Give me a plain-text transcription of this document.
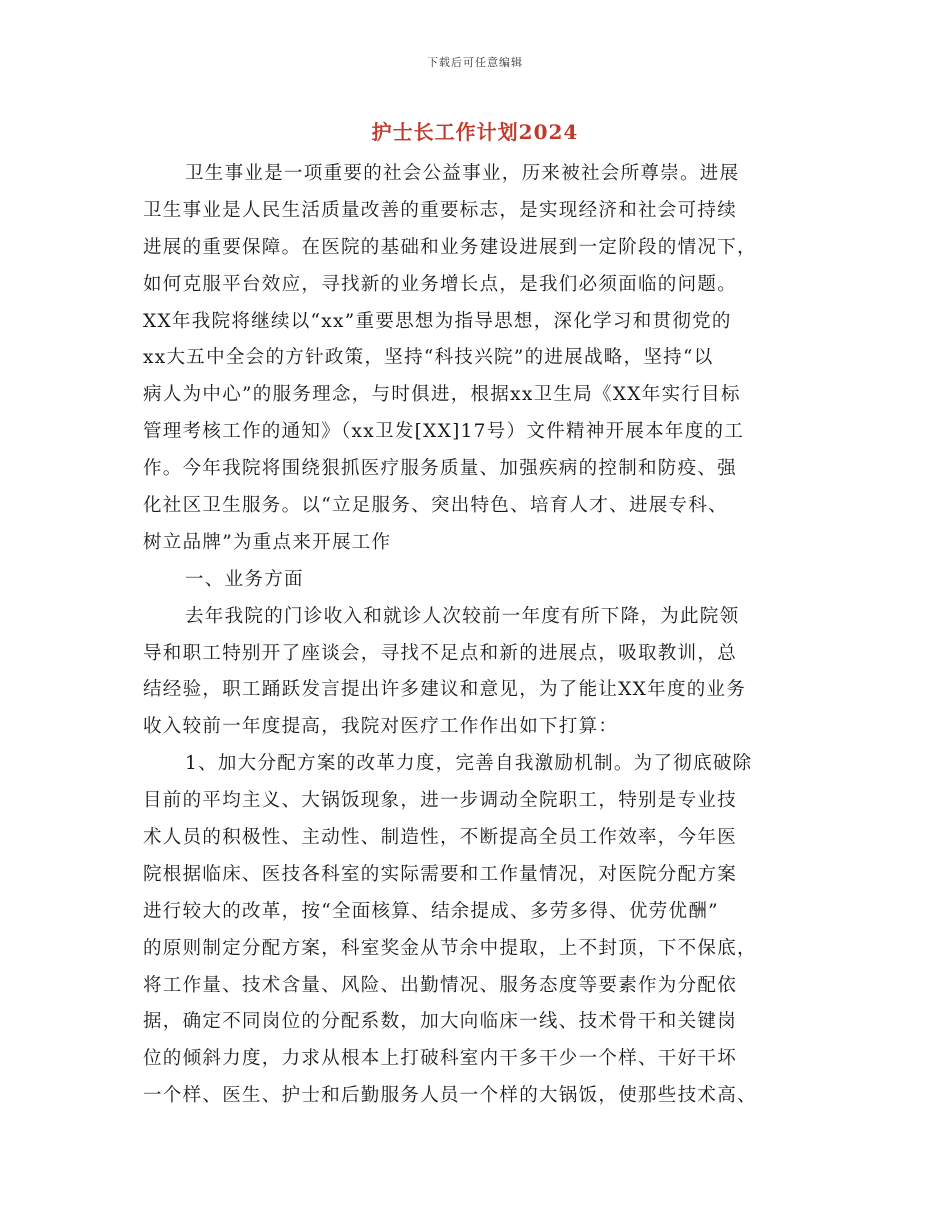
下载后可任意编辑
护士长工作计划2024
卫生事业是一项重要的社会公益事业，历来被社会所尊崇。进展
卫生事业是人民生活质量改善的重要标志，是实现经济和社会可持续
进展的重要保障。在医院的基础和业务建设进展到一定阶段的情况下，
如何克服平台效应，寻找新的业务增长点，是我们必须面临的问题。
XX年我院将继续以“xx”重要思想为指导思想，深化学习和贯彻党的
xx大五中全会的方针政策，坚持“科技兴院”的进展战略，坚持“以
病人为中心”的服务理念，与时俱进，根据xx卫生局《XX年实行目标
管理考核工作的通知》（xx卫发[XX]17号）文件精神开展本年度的工
作。今年我院将围绕狠抓医疗服务质量、加强疾病的控制和防疫、强
化社区卫生服务。以“立足服务、突出特色、培育人才、进展专科、
树立品牌”为重点来开展工作
一、业务方面
去年我院的门诊收入和就诊人次较前一年度有所下降，为此院领
导和职工特别开了座谈会，寻找不足点和新的进展点，吸取教训，总
结经验，职工踊跃发言提出许多建议和意见，为了能让XX年度的业务
收入较前一年度提高，我院对医疗工作作出如下打算：
1、加大分配方案的改革力度，完善自我激励机制。为了彻底破除
目前的平均主义、大锅饭现象，进一步调动全院职工，特别是专业技
术人员的积极性、主动性、制造性，不断提高全员工作效率，今年医
院根据临床、医技各科室的实际需要和工作量情况，对医院分配方案
进行较大的改革，按“全面核算、结余提成、多劳多得、优劳优酬”
的原则制定分配方案，科室奖金从节余中提取，上不封顶，下不保底，
将工作量、技术含量、风险、出勤情况、服务态度等要素作为分配依
据，确定不同岗位的分配系数，加大向临床一线、技术骨干和关键岗
位的倾斜力度，力求从根本上打破科室内干多干少一个样、干好干坏
一个样、医生、护士和后勤服务人员一个样的大锅饭，使那些技术高、
